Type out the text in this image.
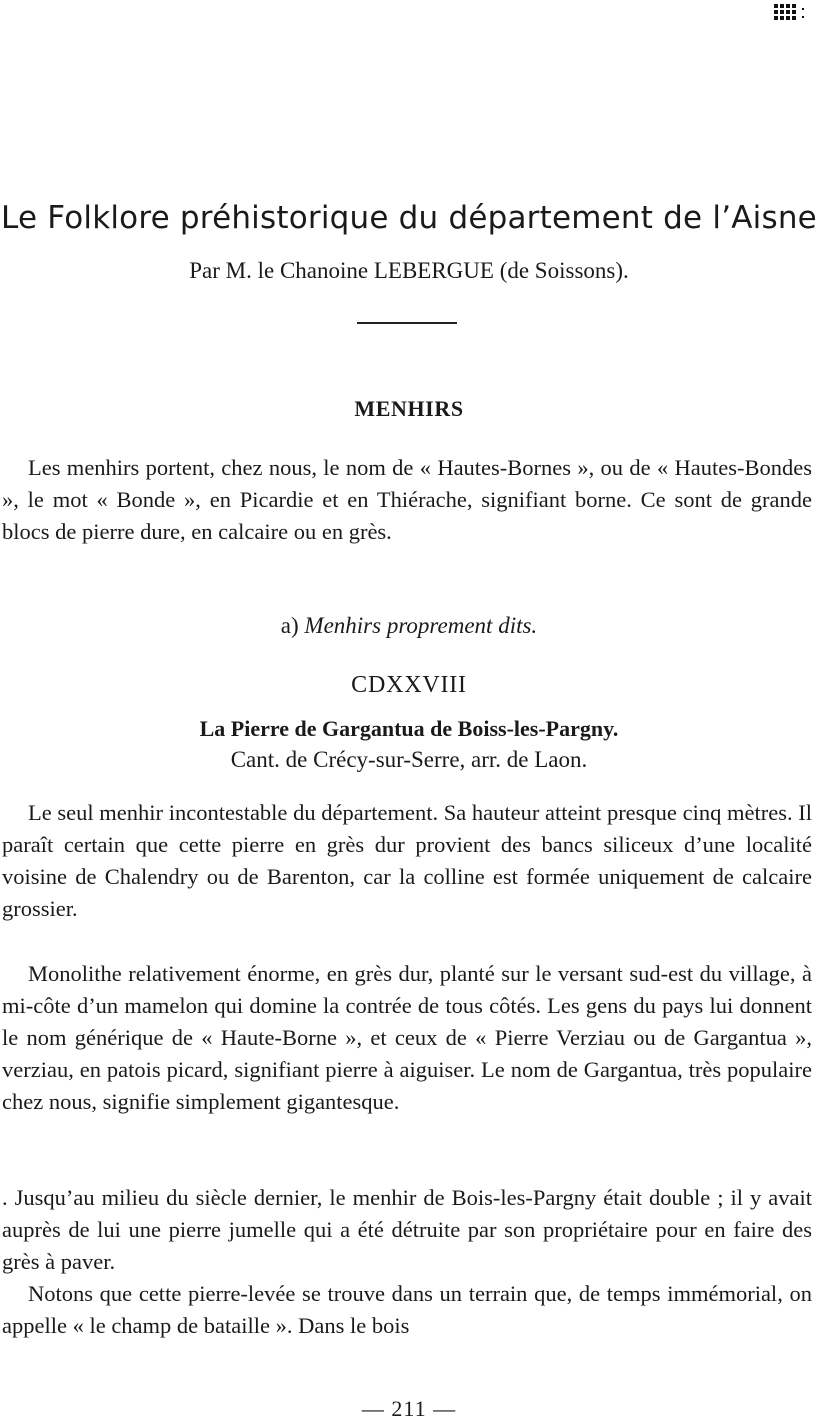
Le Folklore préhistorique du département de l’Aisne

Par M. le Chanoine LEBERGUE (de Soissons).

MENHIRS

Les menhirs portent, chez nous, le nom de « Hautes-Bornes », ou de « Hautes-Bondes », le mot « Bonde », en Picardie et en Thiérache, signifiant borne. Ce sont de grande blocs de pierre dure, en calcaire ou en grès.

a) Menhirs proprement dits.

CDXXVIII

La Pierre de Gargantua de Boiss-les-Pargny.

Cant. de Crécy-sur-Serre, arr. de Laon.

Le seul menhir incontestable du département. Sa hauteur atteint presque cinq mètres. Il paraît certain que cette pierre en grès dur provient des bancs siliceux d’une localité voisine de Chalendry ou de Barenton, car la colline est formée uniquement de calcaire grossier.

Monolithe relativement énorme, en grès dur, planté sur le versant sud-est du village, à mi-côte d’un mamelon qui domine la contrée de tous côtés. Les gens du pays lui donnent le nom générique de « Haute-Borne », et ceux de « Pierre Verziau ou de Gargantua », verziau, en patois picard, signifiant pierre à aiguiser. Le nom de Gargantua, très populaire chez nous, signifie simplement gigantesque.

. Jusqu’au milieu du siècle dernier, le menhir de Bois-les-Pargny était double ; il y avait auprès de lui une pierre jumelle qui a été détruite par son propriétaire pour en faire des grès à paver.

Notons que cette pierre-levée se trouve dans un terrain que, de temps immémorial, on appelle « le champ de bataille ». Dans le bois

— 211 —
